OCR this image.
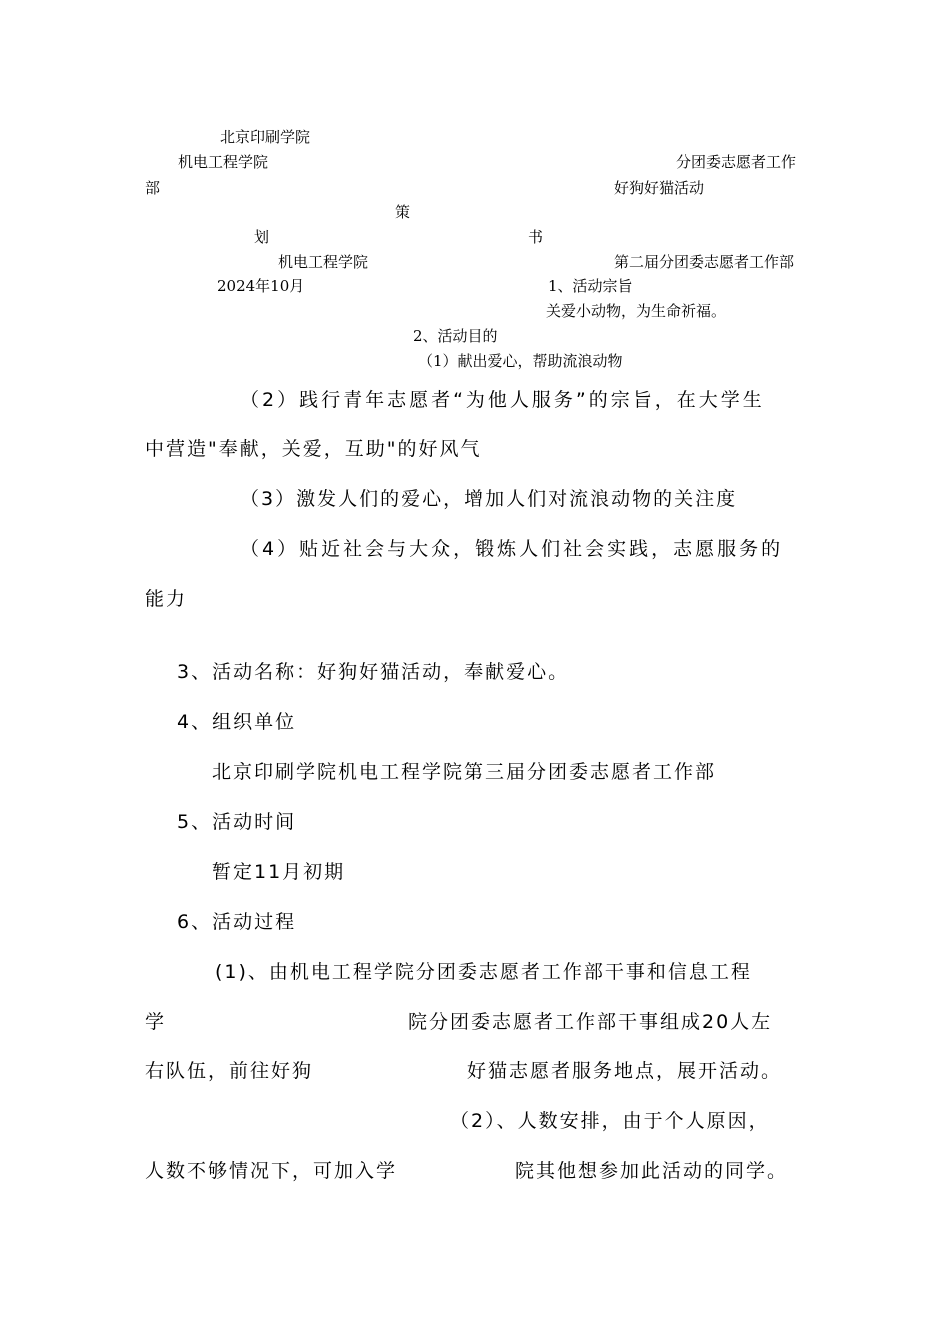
北京印刷学院
机电工程学院	分团委志愿者工作
部	好狗好猫活动
策
划	书
机电工程学院	第二届分团委志愿者工作部
2024年10月	1、活动宗旨
关爱小动物，为生命祈福。
2、活动目的
（1）献出爱心，帮助流浪动物
（2）践行青年志愿者“为他人服务”的宗旨，在大学生
中营造"奉献，关爱，互助"的好风气
（3）激发人们的爱心，增加人们对流浪动物的关注度
（4）贴近社会与大众，锻炼人们社会实践，志愿服务的
能力
3、活动名称：好狗好猫活动，奉献爱心。
4、组织单位
北京印刷学院机电工程学院第三届分团委志愿者工作部
5、活动时间
暂定11月初期
6、活动过程
(1)、由机电工程学院分团委志愿者工作部干事和信息工程
学	院分团委志愿者工作部干事组成20人左
右队伍，前往好狗	好猫志愿者服务地点，展开活动。
（2）、人数安排，由于个人原因，
人数不够情况下，可加入学	院其他想参加此活动的同学。
